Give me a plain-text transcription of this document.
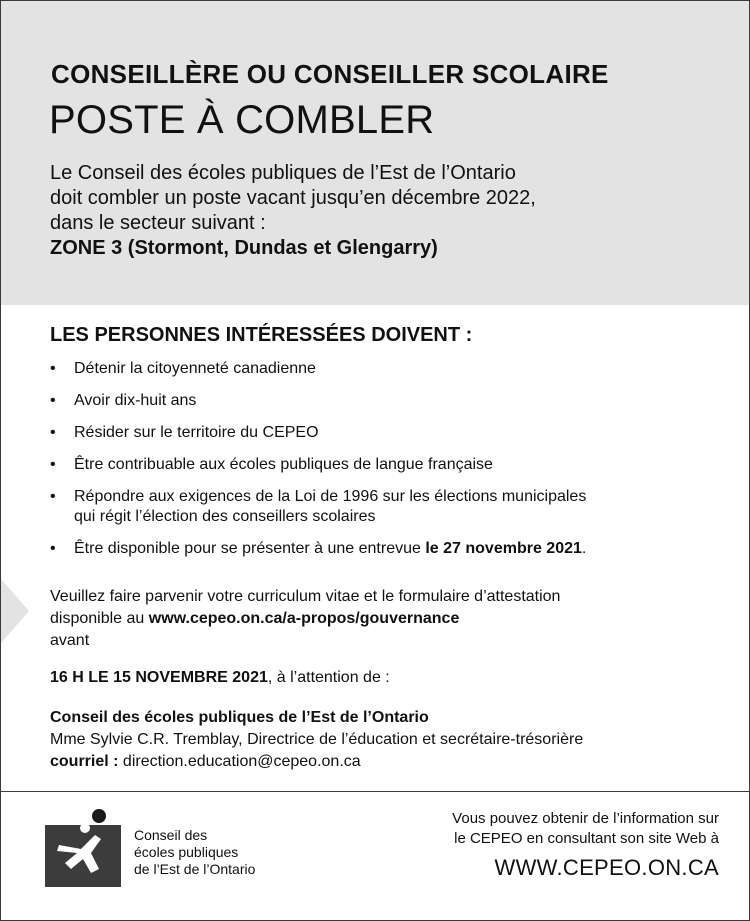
CONSEILLÈRE OU CONSEILLER SCOLAIRE
POSTE À COMBLER
Le Conseil des écoles publiques de l’Est de l’Ontario
doit combler un poste vacant jusqu’en décembre 2022,
dans le secteur suivant :
ZONE 3 (Stormont, Dundas et Glengarry)
LES PERSONNES INTÉRESSÉES DOIVENT :
• Détenir la citoyenneté canadienne
• Avoir dix-huit ans
• Résider sur le territoire du CEPEO
• Être contribuable aux écoles publiques de langue française
• Répondre aux exigences de la Loi de 1996 sur les élections municipales
qui régit l’élection des conseillers scolaires
• Être disponible pour se présenter à une entrevue le 27 novembre 2021.
Veuillez faire parvenir votre curriculum vitae et le formulaire d’attestation
disponible au www.cepeo.on.ca/a-propos/gouvernance
avant
16 H LE 15 NOVEMBRE 2021, à l’attention de :
Conseil des écoles publiques de l’Est de l’Ontario
Mme Sylvie C.R. Tremblay, Directrice de l’éducation et secrétaire-trésorière
courriel : direction.education@cepeo.on.ca
Conseil des
écoles publiques
de l’Est de l’Ontario
Vous pouvez obtenir de l’information sur
le CEPEO en consultant son site Web à
WWW.CEPEO.ON.CA
